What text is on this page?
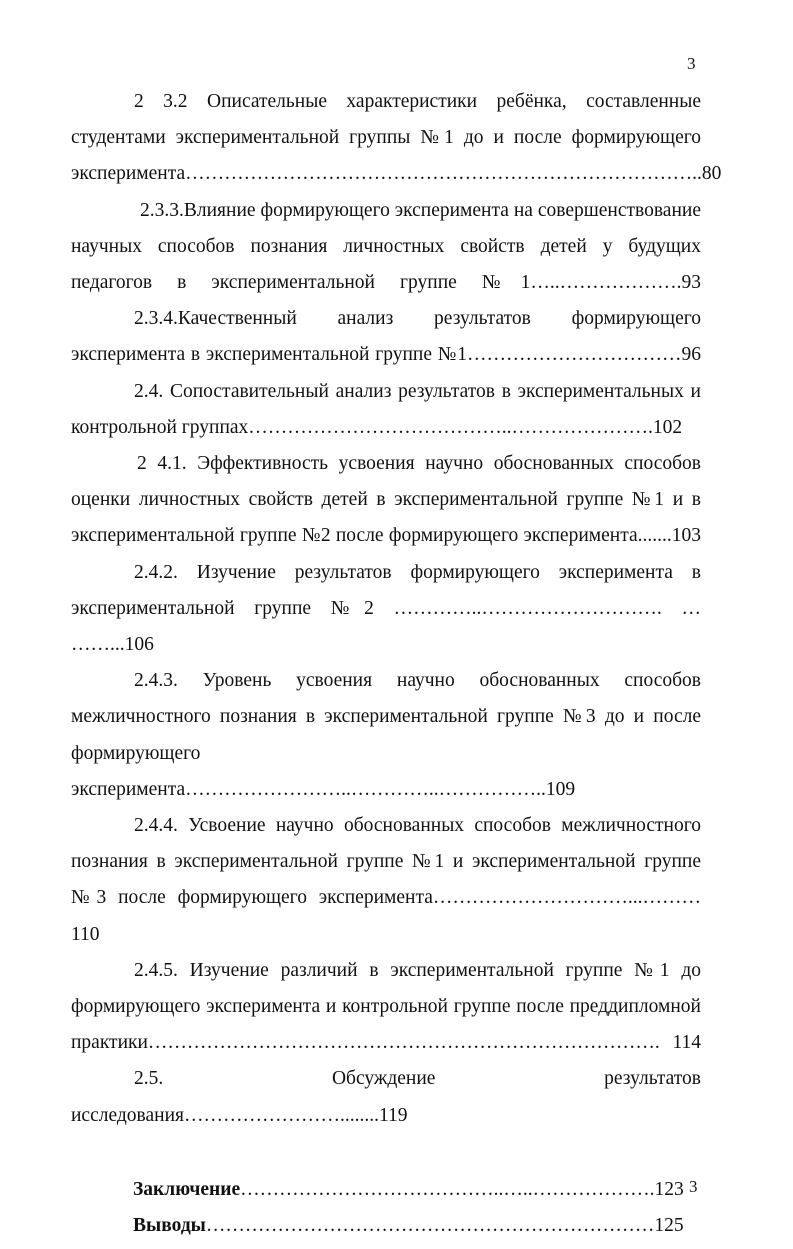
3

2 3.2 Описательные характеристики ребёнка, составленные студентами экспериментальной группы №1 до и после формирующего эксперимента……………………………………………………………………..80

2.3.3.Влияние формирующего эксперимента на совершенствование научных способов познания личностных свойств детей у будущих педагогов в экспериментальной группе №1…..……………….93

2.3.4.Качественный анализ результатов формирующего эксперимента в экспериментальной группе №1……………………………96

2.4. Сопоставительный анализ результатов в экспериментальных и контрольной группах…………………………………..………………….102

2 4.1. Эффективность усвоения научно обоснованных способов оценки личностных свойств детей в экспериментальной группе №1 и в экспериментальной группе №2 после формирующего эксперимента.......103

2.4.2. Изучение результатов формирующего эксперимента в экспериментальной группе №2 …………..………………………. … ……...106

2.4.3. Уровень усвоения научно обоснованных способов межличностного познания в экспериментальной группе №3 до и после формирующего эксперимента……………………..…………..……………..109

2.4.4. Усвоение научно обоснованных способов межличностного познания в экспериментальной группе №1 и экспериментальной группе №3 после формирующего эксперимента…………………………...………110

2.4.5. Изучение различий в экспериментальной группе №1 до формирующего эксперимента и контрольной группе после преддипломной практики……………………………………………………………………. 114

2.5. Обсуждение результатов исследования……………………........119

Заключение…………………………………..…..……………….123

Выводы……………………………………………………………125

3
